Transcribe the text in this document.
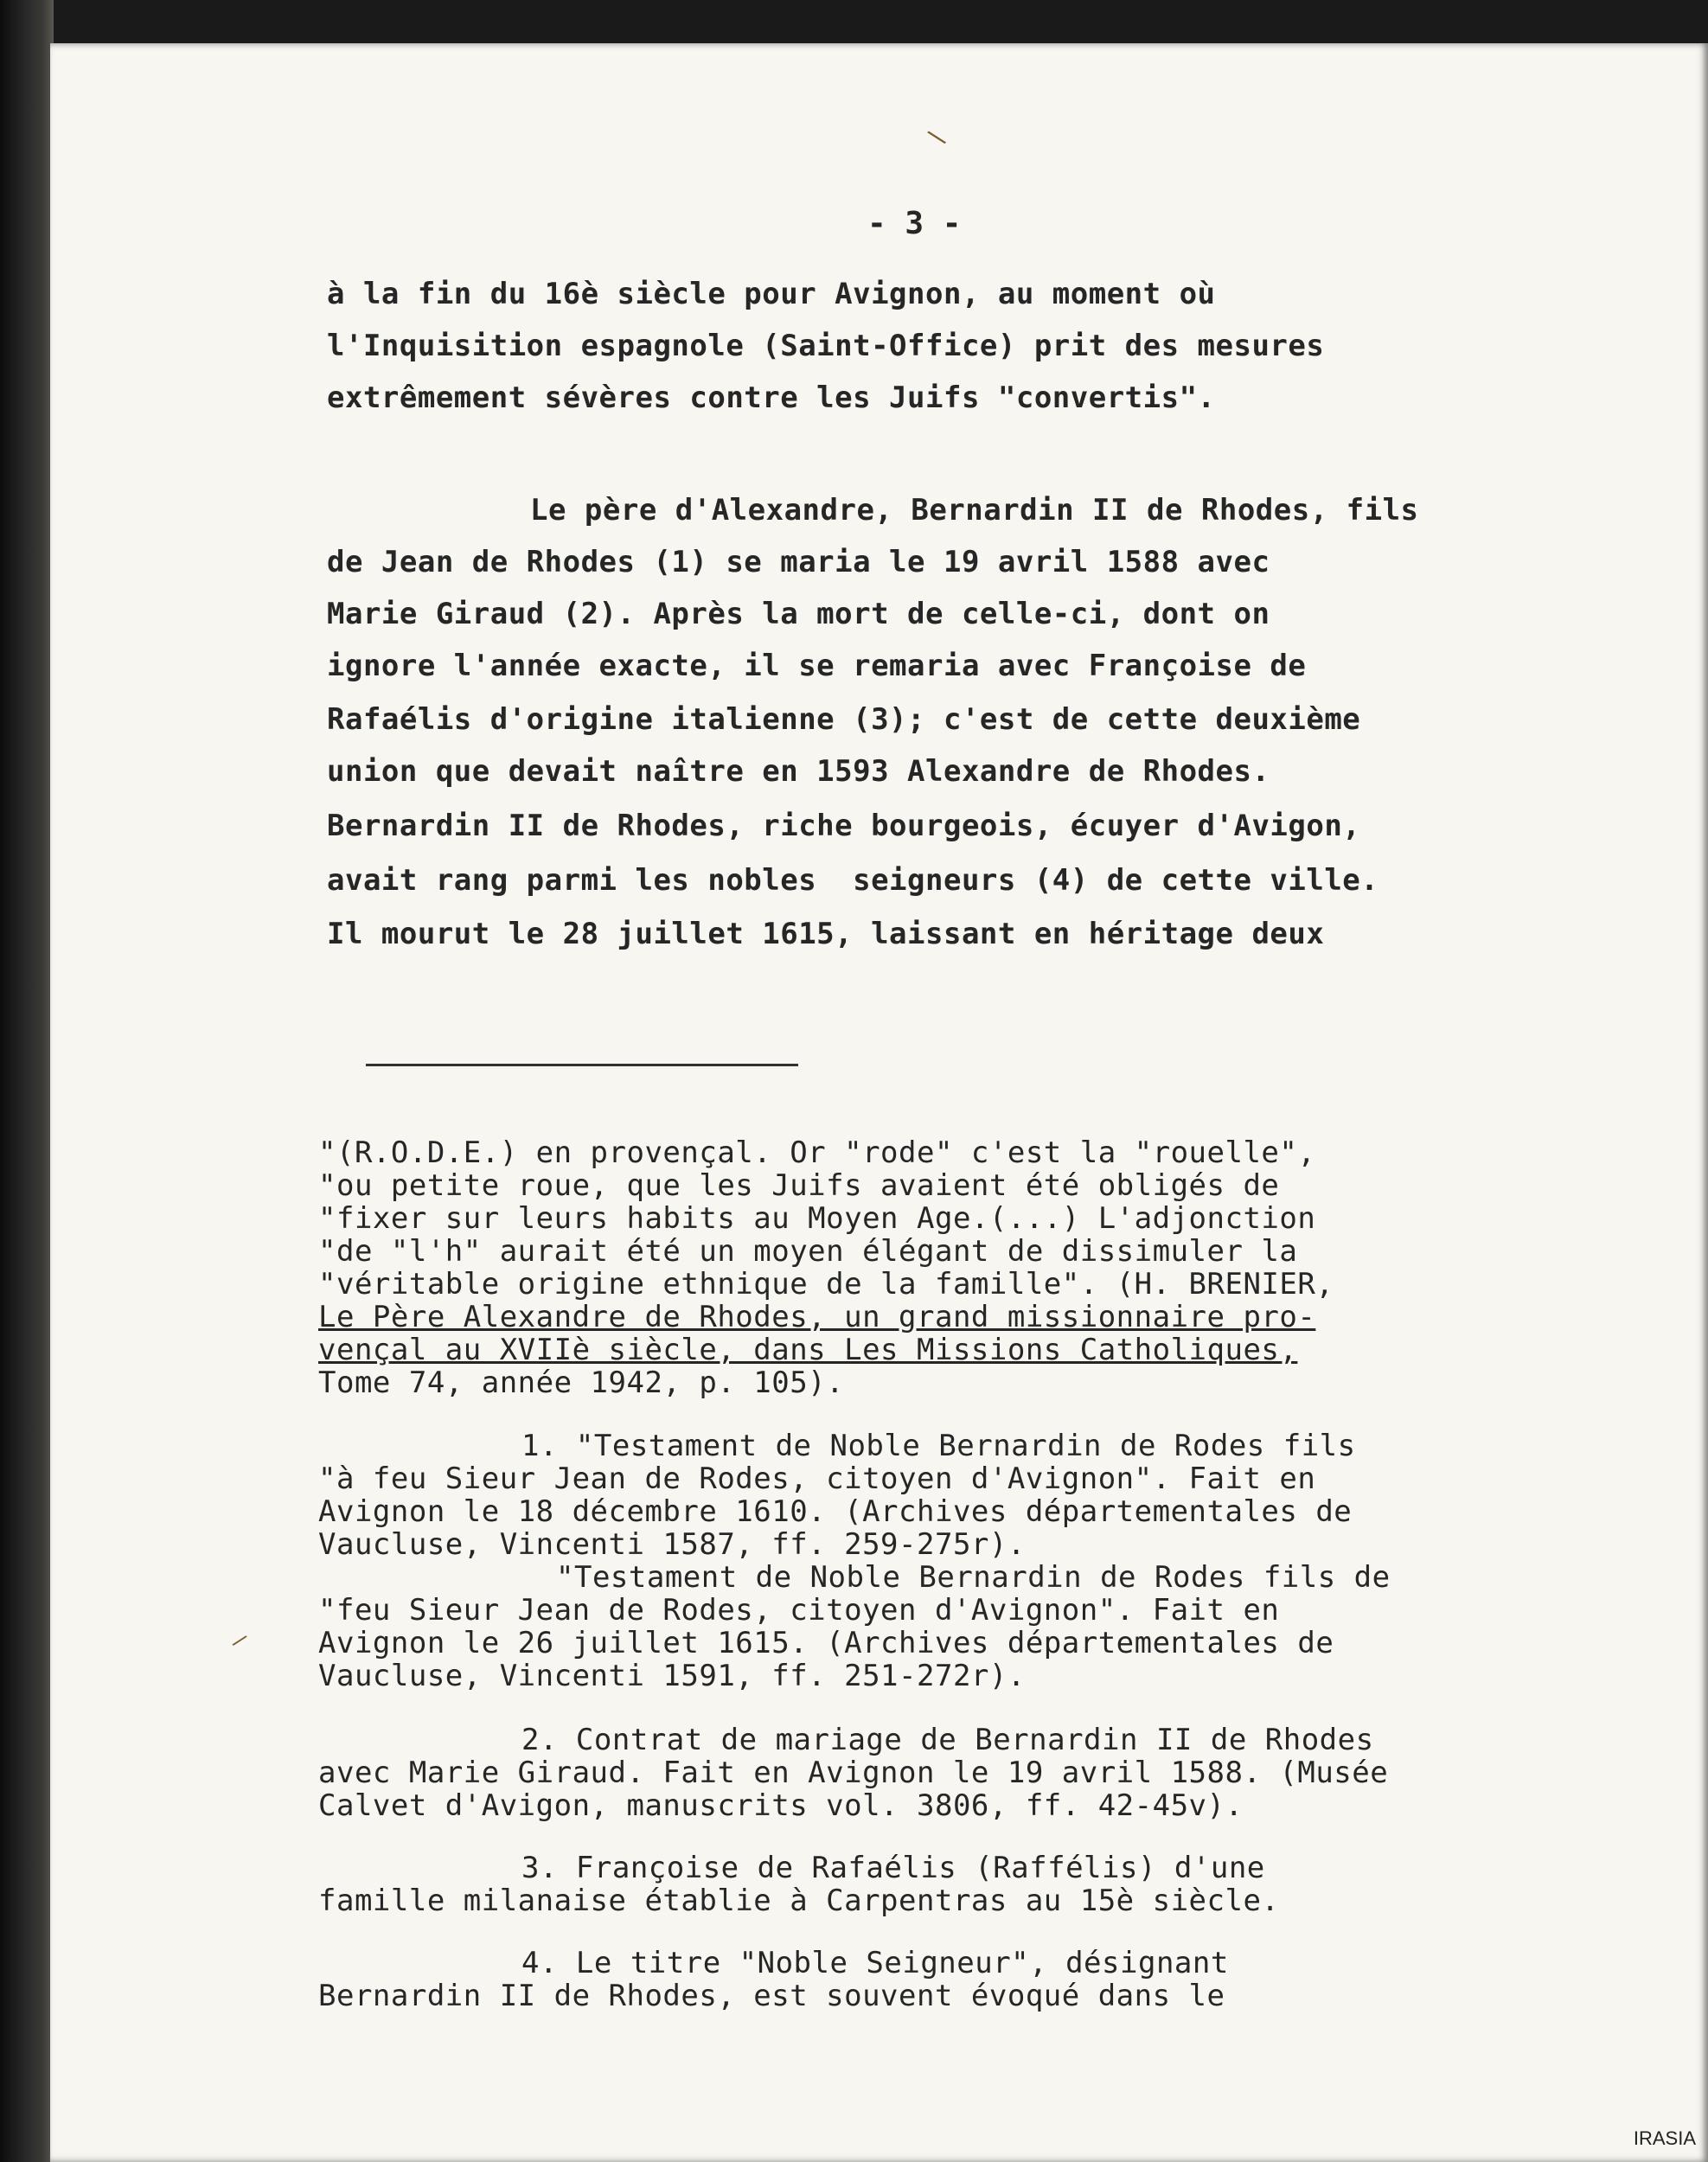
\

- 3 -

à la fin du 16è siècle pour Avignon, au moment où

l'Inquisition espagnole (Saint-Office) prit des mesures

extrêmement sévères contre les Juifs "convertis".

Le père d'Alexandre, Bernardin II de Rhodes, fils

de Jean de Rhodes (1) se maria le 19 avril 1588 avec

Marie Giraud (2). Après la mort de celle-ci, dont on

ignore l'année exacte, il se remaria avec Françoise de

Rafaélis d'origine italienne (3); c'est de cette deuxième

union que devait naître en 1593 Alexandre de Rhodes.

Bernardin II de Rhodes, riche bourgeois, écuyer d'Avigon,

avait rang parmi les nobles  seigneurs (4) de cette ville.

Il mourut le 28 juillet 1615, laissant en héritage deux

"(R.O.D.E.) en provençal. Or "rode" c'est la "rouelle",

"ou petite roue, que les Juifs avaient été obligés de

"fixer sur leurs habits au Moyen Age.(...) L'adjonction

"de "l'h" aurait été un moyen élégant de dissimuler la

"véritable origine ethnique de la famille". (H. BRENIER,

Le Père Alexandre de Rhodes, un grand missionnaire pro-

vençal au XVIIè siècle, dans Les Missions Catholiques,

Tome 74, année 1942, p. 105).

1. "Testament de Noble Bernardin de Rodes fils

"à feu Sieur Jean de Rodes, citoyen d'Avignon". Fait en

Avignon le 18 décembre 1610. (Archives départementales de

Vaucluse, Vincenti 1587, ff. 259-275r).

"Testament de Noble Bernardin de Rodes fils de

"feu Sieur Jean de Rodes, citoyen d'Avignon". Fait en

Avignon le 26 juillet 1615. (Archives départementales de

Vaucluse, Vincenti 1591, ff. 251-272r).

2. Contrat de mariage de Bernardin II de Rhodes

avec Marie Giraud. Fait en Avignon le 19 avril 1588. (Musée

Calvet d'Avigon, manuscrits vol. 3806, ff. 42-45v).

3. Françoise de Rafaélis (Raffélis) d'une

famille milanaise établie à Carpentras au 15è siècle.

4. Le titre "Noble Seigneur", désignant

Bernardin II de Rhodes, est souvent évoqué dans le

/
IRASIA
